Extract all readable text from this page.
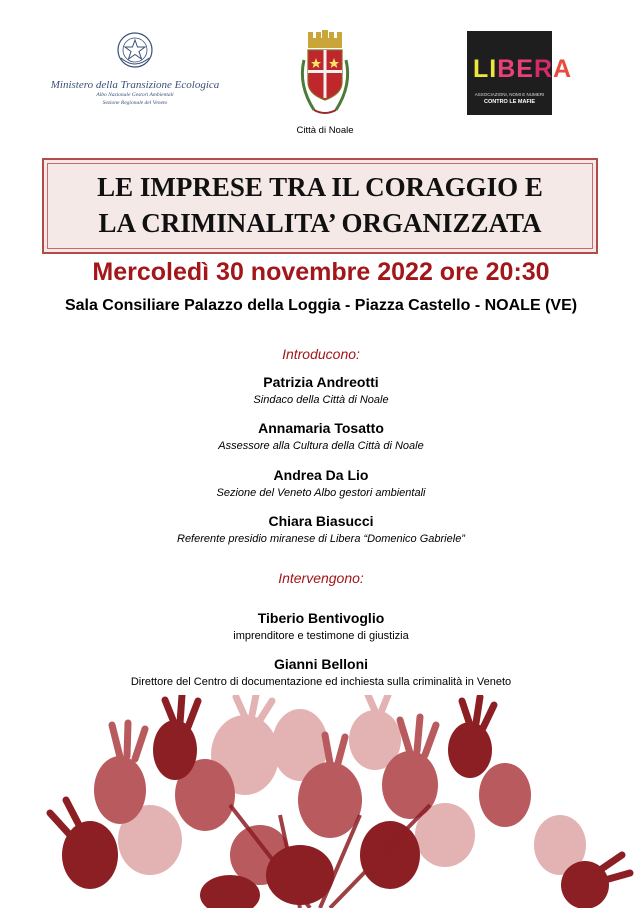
Ministero della Transizione Ecologica
Albo Nazionale Gestori Ambientali
Sezione Regionale del Veneto
Città di Noale
LIBERA
ASSOCIAZIONI, NOMI E NUMERI
CONTRO LE MAFIE
LE IMPRESE TRA IL CORAGGIO E
LA CRIMINALITA’ ORGANIZZATA
Mercoledì 30 novembre 2022 ore 20:30
Sala Consiliare Palazzo della Loggia - Piazza Castello - NOALE (VE)
Introducono:
Patrizia Andreotti
Sindaco della Città di Noale
Annamaria Tosatto
Assessore alla Cultura della Città di Noale
Andrea Da Lio
Sezione del Veneto Albo gestori ambientali
Chiara Biasucci
Referente presidio miranese di Libera “Domenico Gabriele”
Intervengono:
Tiberio Bentivoglio
imprenditore e testimone di giustizia
Gianni Belloni
Direttore del Centro di documentazione ed inchiesta sulla criminalità in Veneto
